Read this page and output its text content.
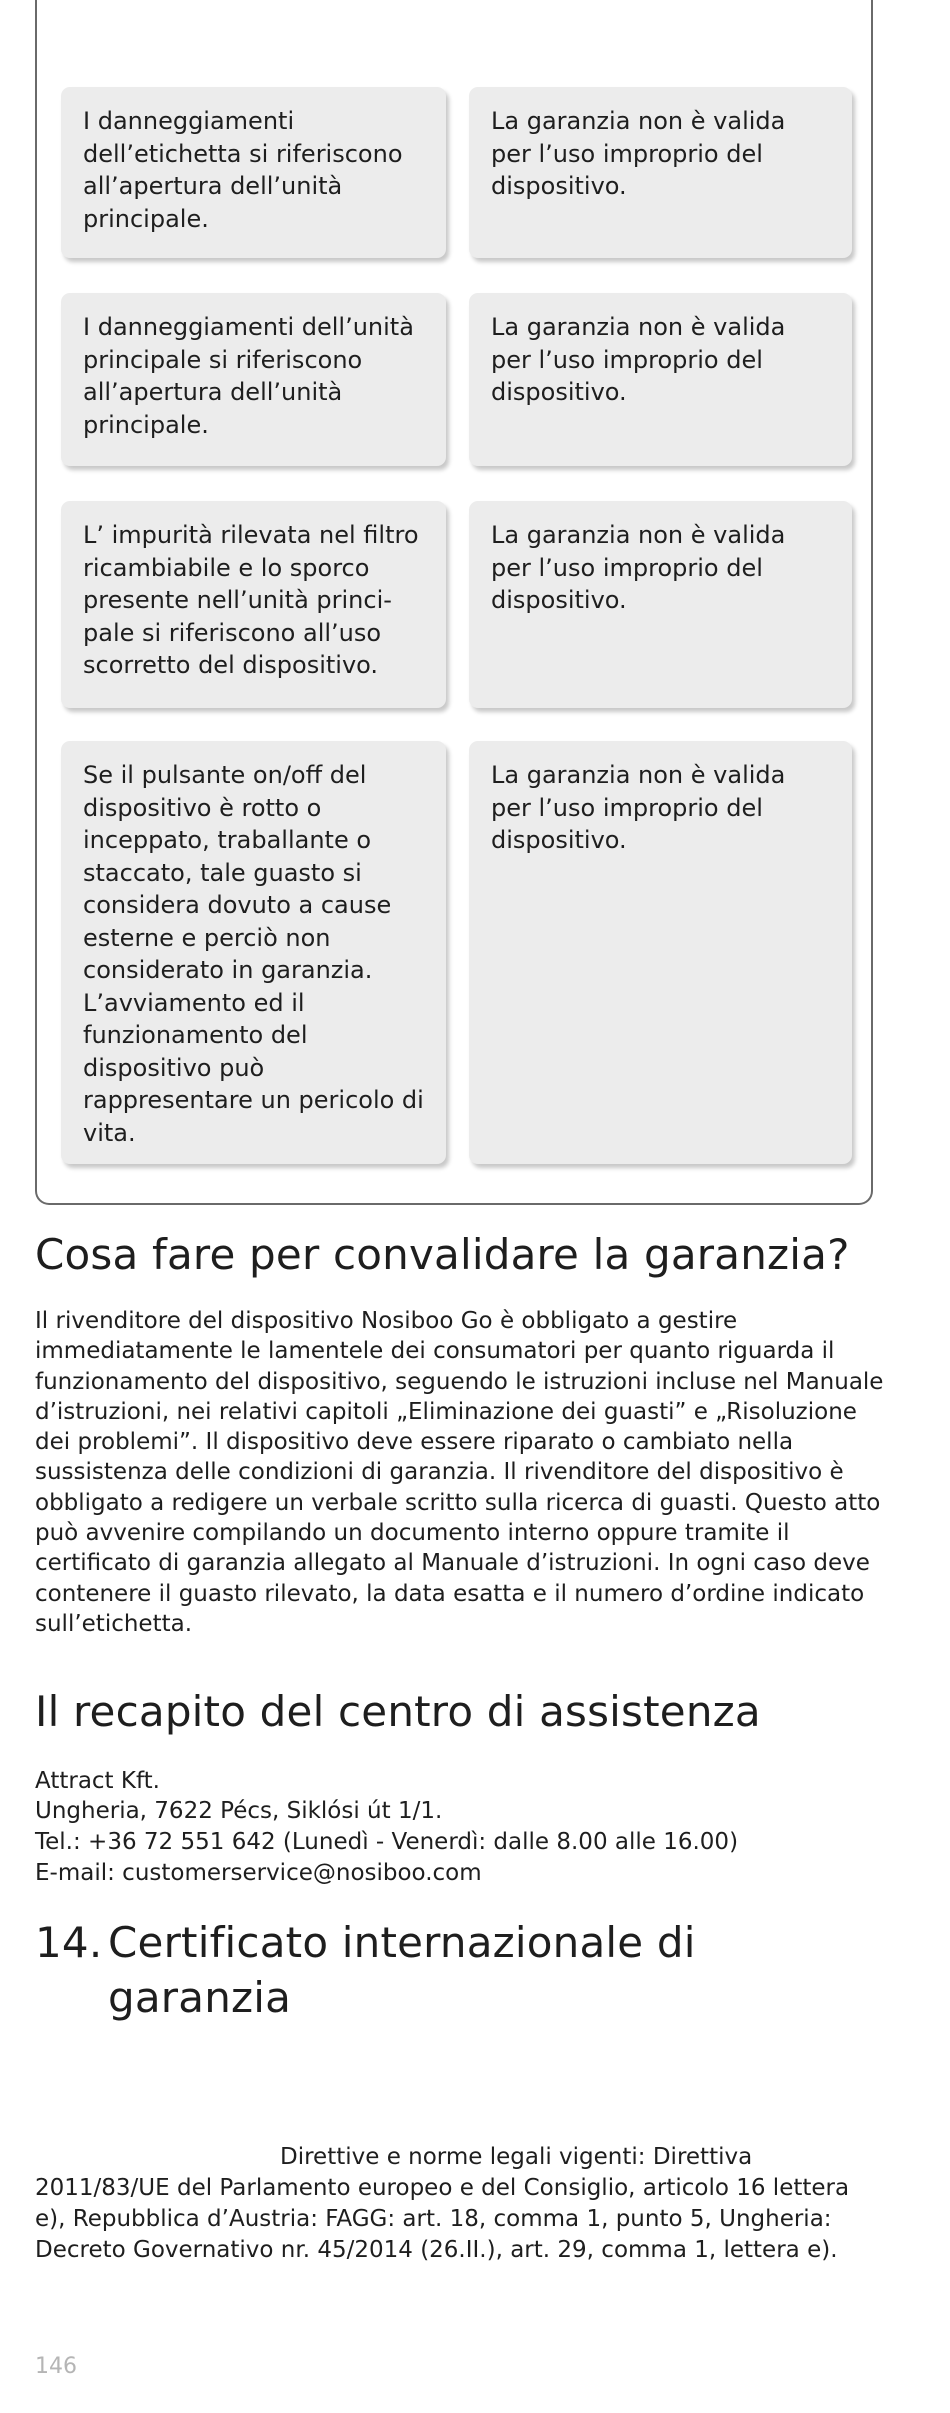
I danneggiamenti dell’etichetta si riferiscono all’apertura dell’unità principale.
La garanzia non è valida per l’uso improprio del dispositivo.
I danneggiamenti dell’unità principale si riferiscono all’apertura dell’unità principale.
La garanzia non è valida per l’uso improprio del dispositivo.
L’ impurità rilevata nel filtro ricambiabile e lo sporco presente nell’unità princi-pale si riferiscono all’uso scorretto del dispositivo.
La garanzia non è valida per l’uso improprio del dispositivo.
Se il pulsante on/off del dispositivo è rotto o inceppato, traballante o staccato, tale guasto si considera dovuto a cause esterne e perciò non considerato in garanzia. L’avviamento ed il funzionamento del dispositivo può rappresentare un pericolo di vita.
La garanzia non è valida per l’uso improprio del dispositivo.
Cosa fare per convalidare la garanzia?

Il rivenditore del dispositivo Nosiboo Go è obbligato a gestire immediatamente le lamentele dei consumatori per quanto riguarda il funzionamento del dispositivo, seguendo le istruzioni incluse nel Manuale d’istruzioni, nei relativi capitoli „Eliminazione dei guasti” e „Risoluzione dei problemi”. Il dispositivo deve essere riparato o cambiato nella sussistenza delle condizioni di garanzia. Il rivenditore del dispositivo è obbligato a redigere un verbale scritto sulla ricerca di guasti. Questo atto può avvenire compilando un documento interno oppure tramite il certificato di garanzia allegato al Manuale d’istruzioni. In ogni caso deve contenere il guasto rilevato, la data esatta e il numero d’ordine indicato sull’etichetta.

Il recapito del centro di assistenza

Attract Kft.

Ungheria, 7622 Pécs, Siklósi út 1/1.

Tel.: +36 72 551 642 (Lunedì - Venerdì: dalle 8.00 alle 16.00)

E-mail: customerservice@nosiboo.com

14. Certificato internazionale di
garanzia

Direttive e norme legali vigenti: Direttiva 2011/83/UE del Parlamento europeo e del Consiglio, articolo 16 lettera e), Repubblica d’Austria: FAGG: art. 18, comma 1, punto 5, Ungheria: Decreto Governativo nr. 45/2014 (26.II.), art. 29, comma 1, lettera e).

146
